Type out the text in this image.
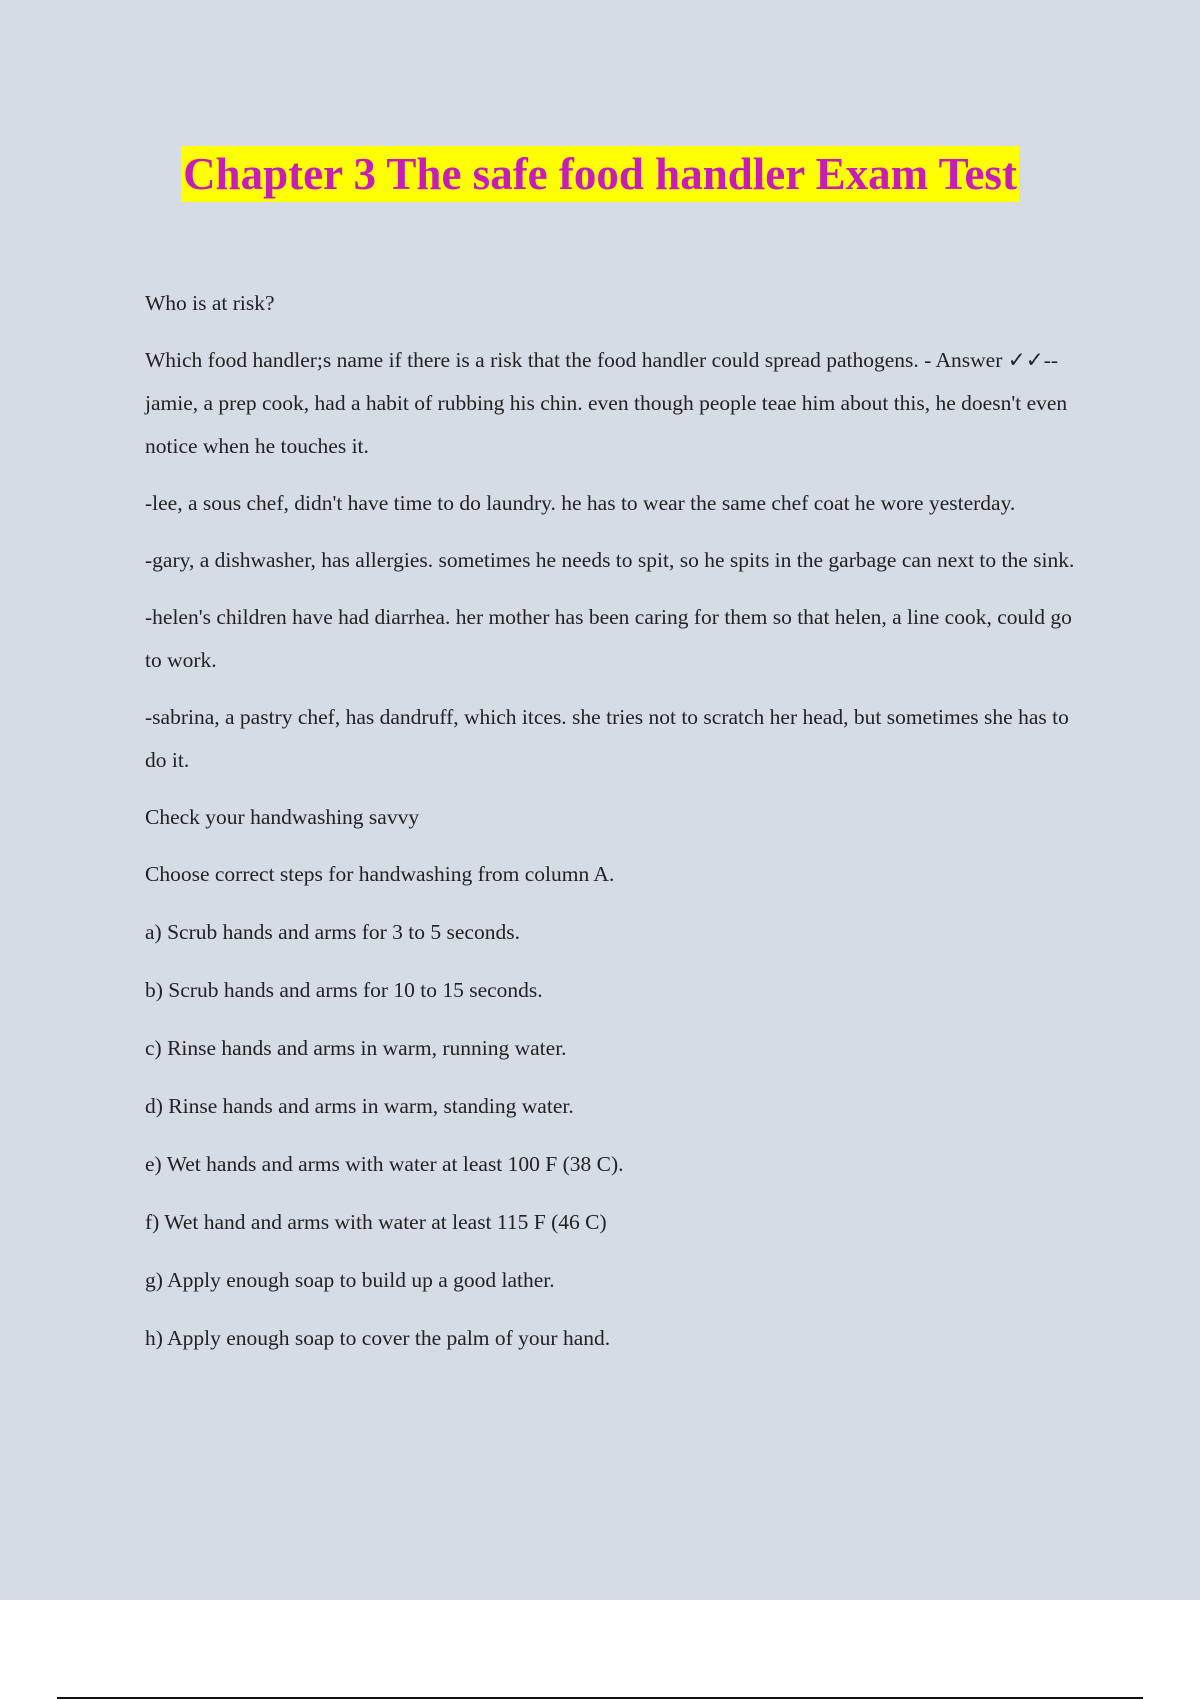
Chapter 3 The safe food handler Exam Test

Who is at risk?

Which food handler;s name if there is a risk that the food handler could spread pathogens. - Answer ✓✓--jamie, a prep cook, had a habit of rubbing his chin. even though people teae him about this, he doesn't even notice when he touches it.

-lee, a sous chef, didn't have time to do laundry. he has to wear the same chef coat he wore yesterday.

-gary, a dishwasher, has allergies. sometimes he needs to spit, so he spits in the garbage can next to the sink.

-helen's children have had diarrhea. her mother has been caring for them so that helen, a line cook, could go to work.

-sabrina, a pastry chef, has dandruff, which itces. she tries not to scratch her head, but sometimes she has to do it.

Check your handwashing savvy

Choose correct steps for handwashing from column A.

a) Scrub hands and arms for 3 to 5 seconds.

b) Scrub hands and arms for 10 to 15 seconds.

c) Rinse hands and arms in warm, running water.

d) Rinse hands and arms in warm, standing water.

e) Wet hands and arms with water at least 100 F (38 C).

f) Wet hand and arms with water at least 115 F (46 C)

g) Apply enough soap to build up a good lather.

h) Apply enough soap to cover the palm of your hand.
